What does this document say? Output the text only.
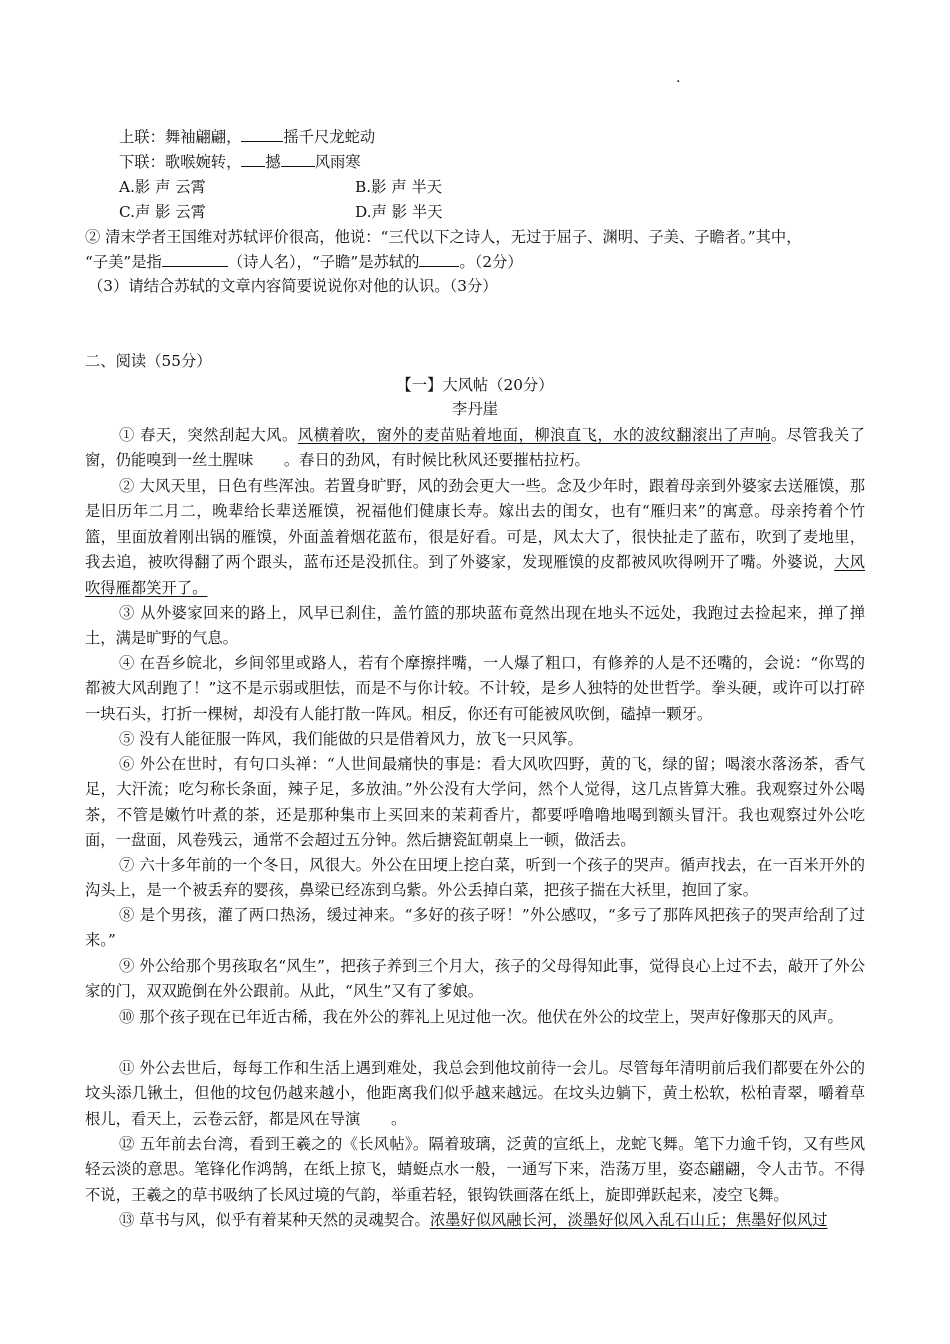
.
上联：舞袖翩翩，	摇千尺龙蛇动
下联：歌喉婉转， 撼 风雨寒
A.影 声 云霄	B.影 声 半天
C.声 影 云霄	D.声 影 半天
② 清末学者王国维对苏轼评价很高，他说：“三代以下之诗人，无过于屈子、渊明、子美、子瞻者。”其中，
“子美”是指	（诗人名），“子瞻”是苏轼的	。（2分）
（3）请结合苏轼的文章内容简要说说你对他的认识。（3分）
二、阅读（55分）
【一】大风帖（20分）
李丹崖
① 春天，突然刮起大风。风横着吹，窗外的麦苗贴着地面，柳浪直飞，水的波纹翻滚出了声响。尽管我关了窗，仍能嗅到一丝土腥味　　。春日的劲风，有时候比秋风还要摧枯拉朽。
② 大风天里，日色有些浑浊。若置身旷野，风的劲会更大一些。念及少年时，跟着母亲到外婆家去送雁馍，那是旧历年二月二，晚辈给长辈送雁馍，祝福他们健康长寿。嫁出去的闺女，也有“雁归来”的寓意。母亲挎着个竹篮，里面放着刚出锅的雁馍，外面盖着烟花蓝布，很是好看。可是，风太大了，很快扯走了蓝布，吹到了麦地里，我去追，被吹得翻了两个跟头，蓝布还是没抓住。到了外婆家，发现雁馍的皮都被风吹得咧开了嘴。外婆说，大风吹得雁都笑开了。
③ 从外婆家回来的路上，风早已刹住，盖竹篮的那块蓝布竟然出现在地头不远处，我跑过去捡起来，掸了掸土，满是旷野的气息。
④ 在吾乡皖北，乡间邻里或路人，若有个摩擦拌嘴，一人爆了粗口，有修养的人是不还嘴的，会说：“你骂的都被大风刮跑了！”这不是示弱或胆怯，而是不与你计较。不计较，是乡人独特的处世哲学。拳头硬，或许可以打碎一块石头，打折一棵树，却没有人能打散一阵风。相反，你还有可能被风吹倒，磕掉一颗牙。
⑤ 没有人能征服一阵风，我们能做的只是借着风力，放飞一只风筝。
⑥ 外公在世时，有句口头禅：“人世间最痛快的事是：看大风吹四野，黄的飞，绿的留；喝滚水落汤茶，香气足，大汗流；吃匀称长条面，辣子足，多放油。”外公没有大学问，然个人觉得，这几点皆算大雅。我观察过外公喝茶，不管是嫩竹叶煮的茶，还是那种集市上买回来的茉莉香片，都要呼噜噜地喝到额头冒汗。我也观察过外公吃面，一盘面，风卷残云，通常不会超过五分钟。然后搪瓷缸朝桌上一顿，做活去。
⑦ 六十多年前的一个冬日，风很大。外公在田埂上挖白菜，听到一个孩子的哭声。循声找去，在一百米开外的沟头上，是一个被丢弃的婴孩，鼻梁已经冻到乌紫。外公丢掉白菜，把孩子揣在大袄里，抱回了家。
⑧ 是个男孩，灌了两口热汤，缓过神来。“多好的孩子呀！”外公感叹，“多亏了那阵风把孩子的哭声给刮了过来。”
⑨ 外公给那个男孩取名“风生”，把孩子养到三个月大，孩子的父母得知此事，觉得良心上过不去，敲开了外公家的门，双双跪倒在外公跟前。从此，“风生”又有了爹娘。
⑩ 那个孩子现在已年近古稀，我在外公的葬礼上见过他一次。他伏在外公的坟茔上，哭声好像那天的风声。
⑪ 外公去世后，每每工作和生活上遇到难处，我总会到他坟前待一会儿。尽管每年清明前后我们都要在外公的坟头添几锹土，但他的坟包仍越来越小，他距离我们似乎越来越远。在坟头边躺下，黄土松软，松柏青翠，嚼着草根儿，看天上，云卷云舒，都是风在导演　　。
⑫ 五年前去台湾，看到王羲之的《长风帖》。隔着玻璃，泛黄的宣纸上，龙蛇飞舞。笔下力逾千钧，又有些风轻云淡的意思。笔锋化作鸿鹄，在纸上掠飞，蜻蜓点水一般，一通写下来，浩荡万里，姿态翩翩，令人击节。不得不说，王羲之的草书吸纳了长风过境的气韵，举重若轻，银钩铁画落在纸上，旋即弹跃起来，凌空飞舞。
⑬ 草书与风，似乎有着某种天然的灵魂契合。浓墨好似风融长河，淡墨好似风入乱石山丘；焦墨好似风过
